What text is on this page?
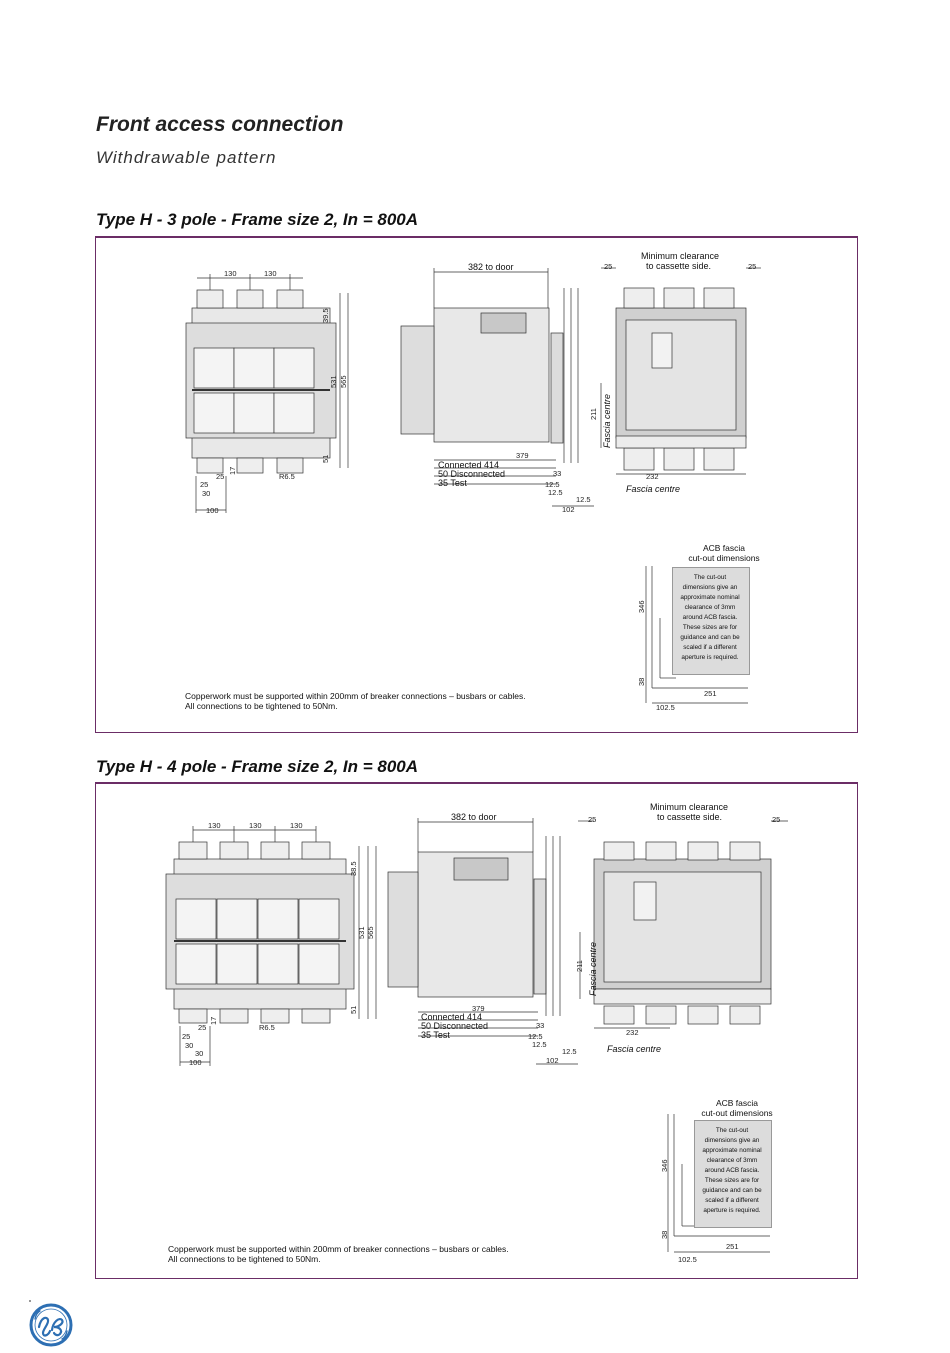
Front access connection
Withdrawable pattern
Type H - 3 pole - Frame size 2, In = 800A
130	130
39.5
531 565
51
17
25
25
30
100
R6.5
382 to door
379
Connected 414
50 Disconnected
35 Test
33
12.5
12.5
12.5
102
Minimum clearance
to cassette side.
25	25
Fascia centre
211
232
Fascia centre
346
38
251
102.5
ACB fascia
cut-out dimensions
The cut-out
dimensions give an
approximate nominal
clearance of 3mm
around ACB fascia.
These sizes are for
guidance and can be
scaled if a different
aperture is required.
Copperwork must be supported within 200mm of breaker connections – busbars or cables.
All connections to be tightened to 50Nm.
Type H - 4 pole - Frame size 2, In = 800A
130	130	130
38.5
531 565
51
17
25
25
30
30
100
R6.5
382 to door
379
Connected 414
50 Disconnected
35 Test
33
12.5
12.5
12.5
102
Minimum clearance
to cassette side.
25	25
Fascia centre
211
232
Fascia centre
346
38
251
102.5
ACB fascia
cut-out dimensions
The cut-out
dimensions give an
approximate nominal
clearance of 3mm
around ACB fascia.
These sizes are for
guidance and can be
scaled if a different
aperture is required.
Copperwork must be supported within 200mm of breaker connections – busbars or cables.
All connections to be tightened to 50Nm.
